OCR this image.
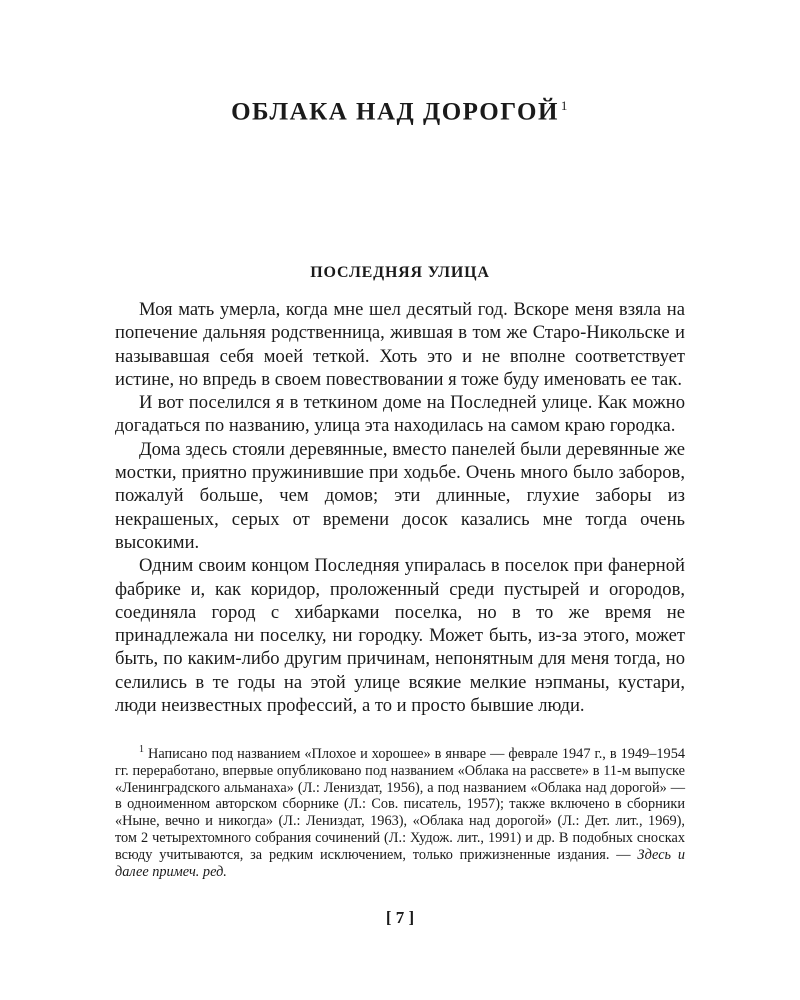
ОБЛАКА НАД ДОРОГОЙ $^1$
ПОСЛЕДНЯЯ УЛИЦА

Моя мать умерла, когда мне шел десятый год. Вскоре меня взяла на попечение дальняя родственница, жившая в том же Старо-Никольске и называвшая себя моей теткой. Хоть это и не вполне соответствует истине, но впредь в своем повествовании я тоже буду именовать ее так.

И вот поселился я в теткином доме на Последней улице. Как можно догадаться по названию, улица эта находилась на самом краю городка.

Дома здесь стояли деревянные, вместо панелей были деревянные же мостки, приятно пружинившие при ходьбе. Очень много было заборов, пожалуй больше, чем домов; эти длинные, глухие заборы из некрашеных, серых от времени досок казались мне тогда очень высокими.

Одним своим концом Последняя упиралась в поселок при фанерной фабрике и, как коридор, проложенный среди пустырей и огородов, соединяла город с хибарками поселка, но в то же время не принадлежала ни поселку, ни городку. Может быть, из-за этого, может быть, по каким-либо другим причинам, непонятным для меня тогда, но селились в те годы на этой улице всякие мелкие нэпманы, кустари, люди неизвестных профессий, а то и просто бывшие люди.

$^1$ Написано под названием «Плохое и хорошее» в январе — феврале 1947 г., в 1949–1954 гг. переработано, впервые опубликовано под названием «Облака на рассвете» в 11-м выпуске «Ленинградского альманаха» (Л.: Лениздат, 1956), а под названием «Облака над дорогой» — в одноименном авторском сборнике (Л.: Сов. писатель, 1957); также включено в сборники «Ныне, вечно и никогда» (Л.: Лениздат, 1963), «Облака над дорогой» (Л.: Дет. лит., 1969), том 2 четырехтомного собрания сочинений (Л.: Худож. лит., 1991) и др. В подобных сносках всюду учитываются, за редким исключением, только прижизненные издания. — Здесь и далее примеч. ред.

[ 7 ]
